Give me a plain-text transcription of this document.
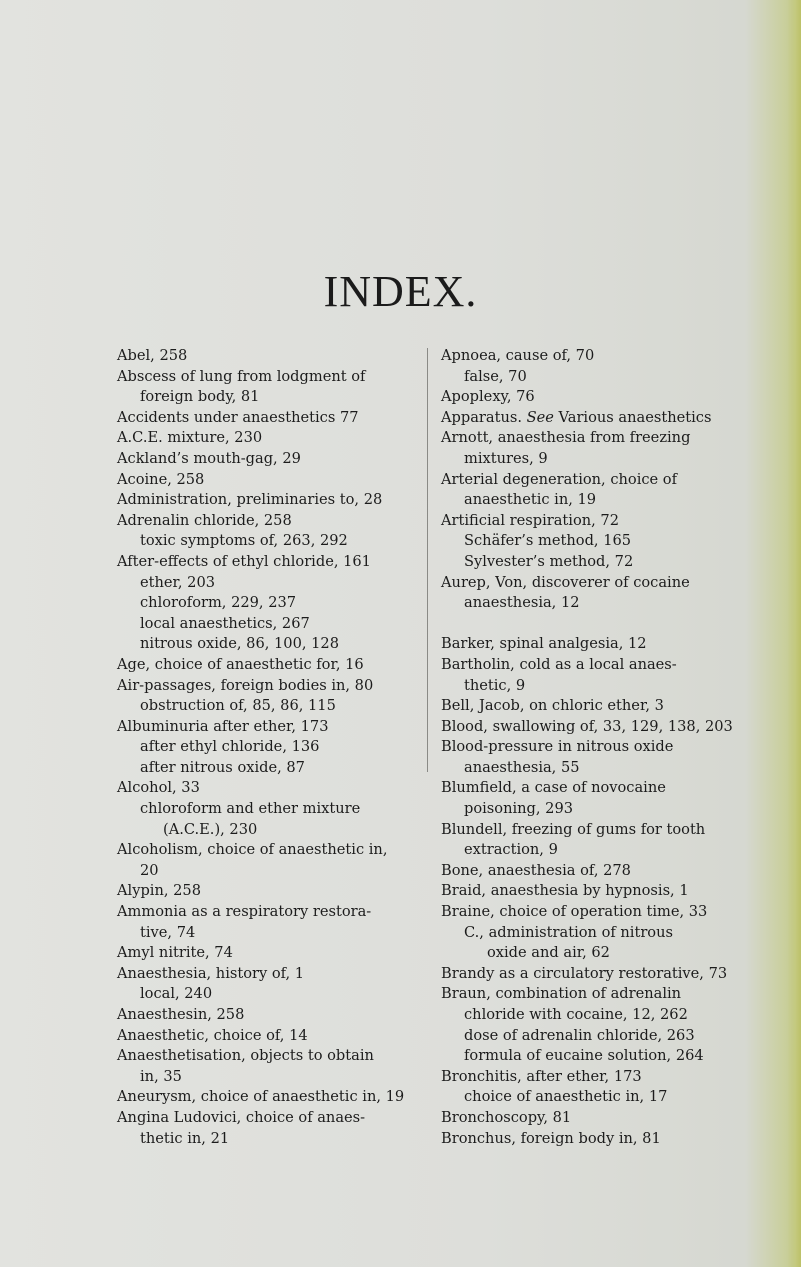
INDEX.
Abel, 258
Abscess of lung from lodgment of
foreign body, 81
Accidents under anaesthetics 77
A.C.E. mixture, 230
Ackland’s mouth-gag, 29
Acoine, 258
Administration, preliminaries to, 28
Adrenalin chloride, 258
toxic symptoms of, 263, 292
After-effects of ethyl chloride, 161
ether, 203
chloroform, 229, 237
local anaesthetics, 267
nitrous oxide, 86, 100, 128
Age, choice of anaesthetic for, 16
Air-passages, foreign bodies in, 80
obstruction of, 85, 86, 115
Albuminuria after ether, 173
after ethyl chloride, 136
after nitrous oxide, 87
Alcohol, 33
chloroform and ether mixture
(A.C.E.), 230
Alcoholism, choice of anaesthetic in,
20
Alypin, 258
Ammonia as a respiratory restora-
tive, 74
Amyl nitrite, 74
Anaesthesia, history of, 1
local, 240
Anaesthesin, 258
Anaesthetic, choice of, 14
Anaesthetisation, objects to obtain
in, 35
Aneurysm, choice of anaesthetic in, 19
Angina Ludovici, choice of anaes-
thetic in, 21
Apnoea, cause of, 70
false, 70
Apoplexy, 76
Apparatus. See Various anaesthetics
Arnott, anaesthesia from freezing
mixtures, 9
Arterial degeneration, choice of
anaesthetic in, 19
Artificial respiration, 72
Schäfer’s method, 165
Sylvester’s method, 72
Aurep, Von, discoverer of cocaine
anaesthesia, 12
Barker, spinal analgesia, 12
Bartholin, cold as a local anaes-
thetic, 9
Bell, Jacob, on chloric ether, 3
Blood, swallowing of, 33, 129, 138, 203
Blood-pressure in nitrous oxide
anaesthesia, 55
Blumfield, a case of novocaine
poisoning, 293
Blundell, freezing of gums for tooth
extraction, 9
Bone, anaesthesia of, 278
Braid, anaesthesia by hypnosis, 1
Braine, choice of operation time, 33
C., administration of nitrous
oxide and air, 62
Brandy as a circulatory restorative, 73
Braun, combination of adrenalin
chloride with cocaine, 12, 262
dose of adrenalin chloride, 263
formula of eucaine solution, 264
Bronchitis, after ether, 173
choice of anaesthetic in, 17
Bronchoscopy, 81
Bronchus, foreign body in, 81
